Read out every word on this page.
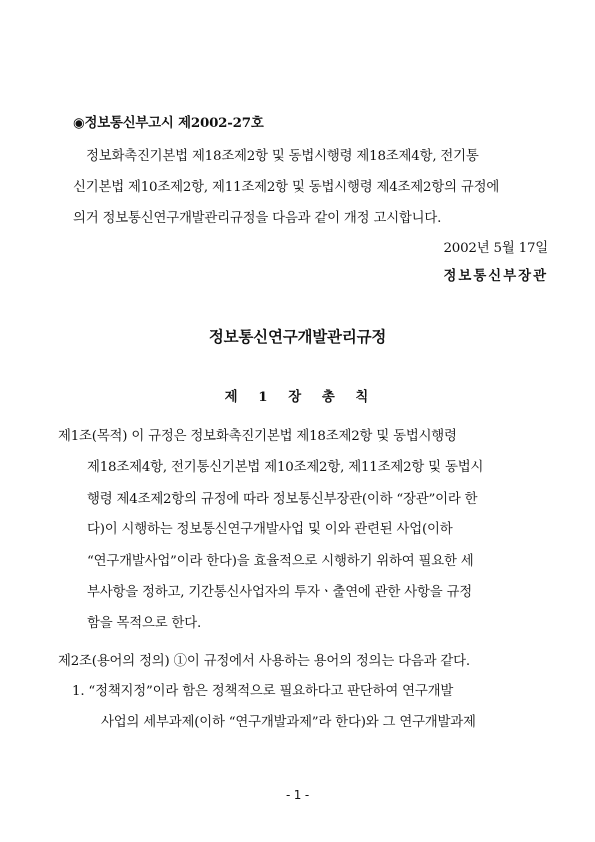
◉정보통신부고시 제2002-27호
정보화촉진기본법 제18조제2항 및 동법시행령 제18조제4항, 전기통
신기본법 제10조제2항, 제11조제2항 및 동법시행령 제4조제2항의 규정에
의거 정보통신연구개발관리규정을 다음과 같이 개정 고시합니다.
2002년 5월 17일
정보통신부장관
정보통신연구개발관리규정
제 1 장 총 칙
제1조(목적) 이 규정은 정보화촉진기본법 제18조제2항 및 동법시행령
제18조제4항, 전기통신기본법 제10조제2항, 제11조제2항 및 동법시
행령 제4조제2항의 규정에 따라 정보통신부장관(이하 “장관”이라 한
다)이 시행하는 정보통신연구개발사업 및 이와 관련된 사업(이하
“연구개발사업”이라 한다)을 효율적으로 시행하기 위하여 필요한 세
부사항을 정하고, 기간통신사업자의 투자ㆍ출연에 관한 사항을 규정
함을 목적으로 한다.
제2조(용어의 정의) ①이 규정에서 사용하는 용어의 정의는 다음과 같다.
1. “정책지정”이라 함은 정책적으로 필요하다고 판단하여 연구개발
사업의 세부과제(이하 “연구개발과제”라 한다)와 그 연구개발과제
- 1 -
